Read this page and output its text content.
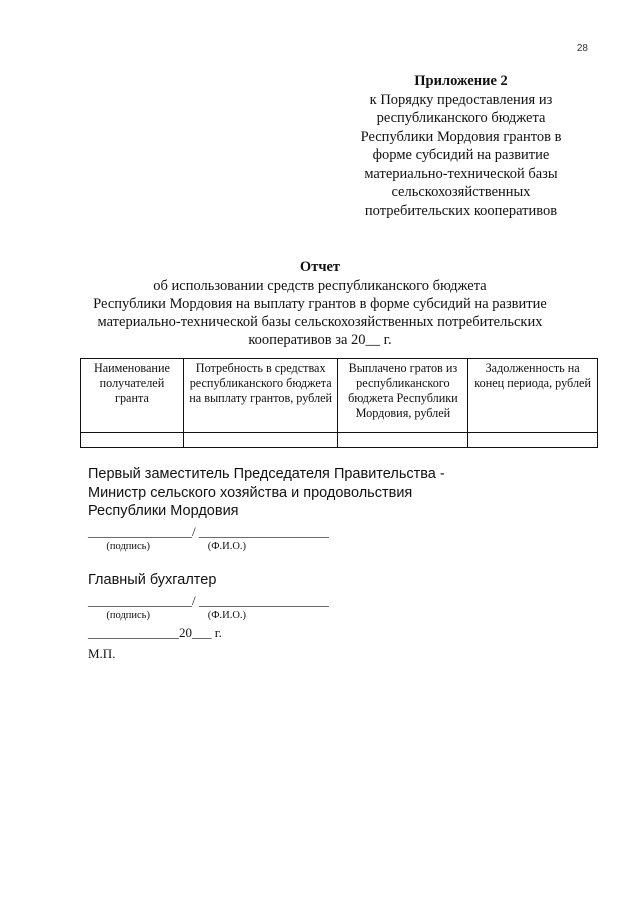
28
Приложение 2
к Порядку предоставления из
республиканского бюджета
Республики Мордовия грантов в
форме субсидий на развитие
материально-технической базы
сельскохозяйственных
потребительских кооперативов
Отчет
об использовании средств республиканского бюджета
Республики Мордовия на выплату грантов в форме субсидий на развитие
материально-технической базы сельскохозяйственных потребительских
кооперативов за 20__ г.
Наименование получателей гранта	Потребность в средствах республиканского бюджета на выплату грантов, рублей	Выплачено гратов из республиканского бюджета Республики Мордовия, рублей	Задолженность на конец периода, рублей

Первый заместитель Председателя Правительства -
Министр сельского хозяйства и продовольствия
Республики Мордовия
________________/ ____________________
(подпись)                      (Ф.И.О.)
Главный бухгалтер
________________/ ____________________
(подпись)                      (Ф.И.О.)
______________20___ г.
М.П.
